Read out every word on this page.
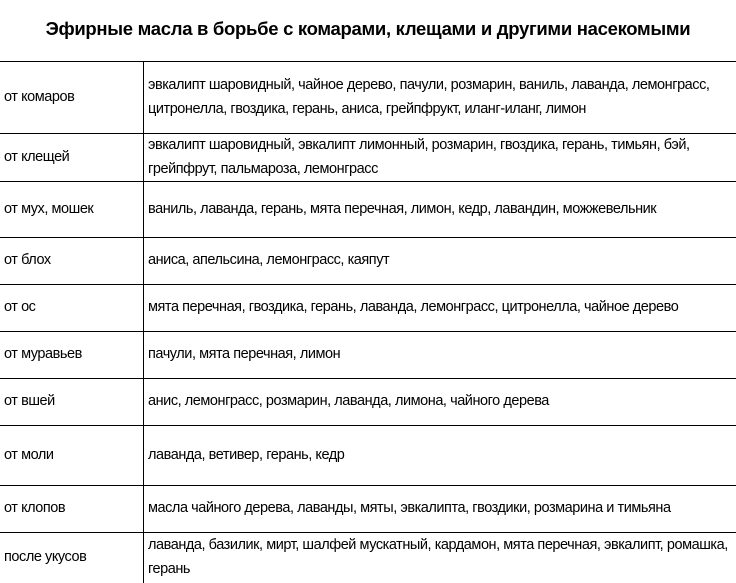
Эфирные масла в борьбе с комарами, клещами и другими насекомыми
от комаров	эвкалипт шаровидный, чайное дерево, пачули, розмарин, ваниль, лаванда, лемонграсс, цитронелла, гвоздика, герань, аниса, грейпфрукт, иланг-иланг, лимон
от клещей	эвкалипт шаровидный, эвкалипт лимонный, розмарин, гвоздика, герань, тимьян, бэй, грейпфрут, пальмароза, лемонграсс
от мух, мошек	ваниль, лаванда, герань, мята перечная, лимон, кедр, лавандин, можжевельник
от блох	аниса, апельсина, лемонграсс, каяпут
от ос	мята перечная, гвоздика, герань, лаванда, лемонграсс, цитронелла, чайное дерево
от муравьев	пачули, мята перечная, лимон
от вшей	анис, лемонграсс, розмарин, лаванда, лимона, чайного дерева
от моли	лаванда, ветивер, герань, кедр
от клопов	масла чайного дерева, лаванды, мяты, эвкалипта, гвоздики, розмарина и тимьяна
после укусов	лаванда, базилик, мирт, шалфей мускатный, кардамон, мята перечная, эвкалипт, ромашка, герань
